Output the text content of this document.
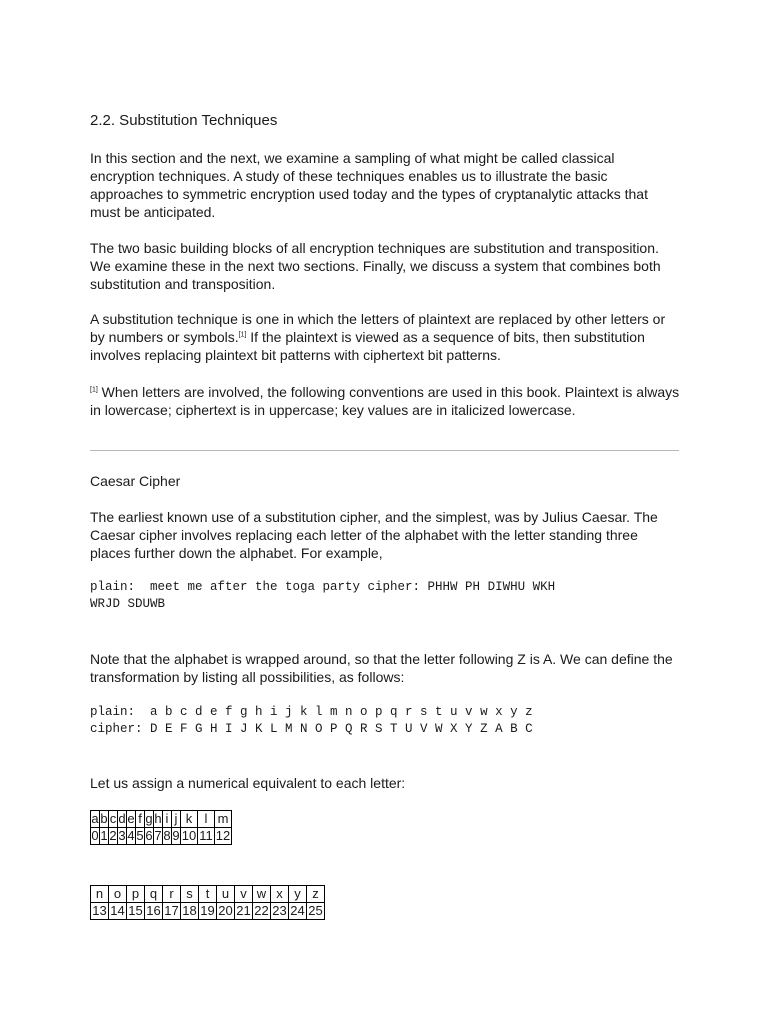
2.2. Substitution Techniques

In this section and the next, we examine a sampling of what might be called classical encryption techniques. A study of these techniques enables us to illustrate the basic approaches to symmetric encryption used today and the types of cryptanalytic attacks that must be anticipated.

The two basic building blocks of all encryption techniques are substitution and transposition. We examine these in the next two sections. Finally, we discuss a system that combines both substitution and transposition.

A substitution technique is one in which the letters of plaintext are replaced by other letters or by numbers or symbols.[1] If the plaintext is viewed as a sequence of bits, then substitution involves replacing plaintext bit patterns with ciphertext bit patterns.

[1] When letters are involved, the following conventions are used in this book. Plaintext is always in lowercase; ciphertext is in uppercase; key values are in italicized lowercase.

Caesar Cipher

The earliest known use of a substitution cipher, and the simplest, was by Julius Caesar. The Caesar cipher involves replacing each letter of the alphabet with the letter standing three places further down the alphabet. For example,

plain:  meet me after the toga party cipher: PHHW PH DIWHU WKH
WRJD SDUWB

Note that the alphabet is wrapped around, so that the letter following Z is A. We can define the transformation by listing all possibilities, as follows:

plain:  a b c d e f g h i j k l m n o p q r s t u v w x y z
cipher: D E F G H I J K L M N O P Q R S T U V W X Y Z A B C

Let us assign a numerical equivalent to each letter:

a	b	c	d	e	f	g	h	i	j	k	l	m
0	1	2	3	4	5	6	7	8	9	10	11	12
n	o	p	q	r	s	t	u	v	w	x	y	z
13	14	15	16	17	18	19	20	21	22	23	24	25
